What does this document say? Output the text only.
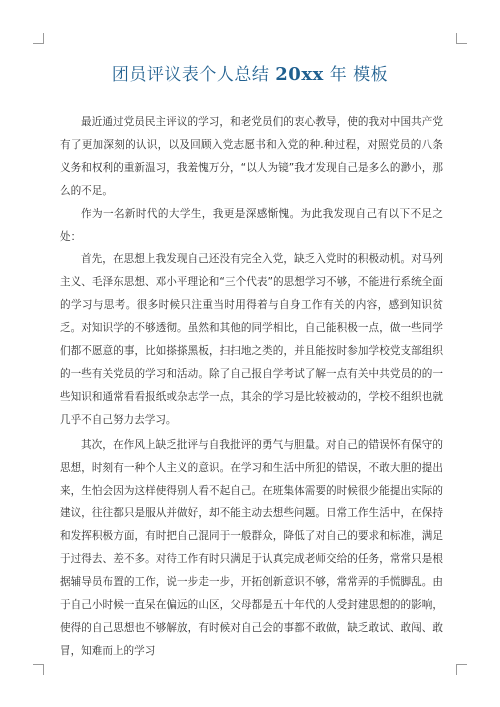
团员评议表个人总结 20xx 年 模板

最近通过党员民主评议的学习，和老党员们的衷心教导，使的我对中国共产党有了更加深刻的认识，以及回顾入党志愿书和入党的种.种过程，对照党员的八条义务和权利的重新温习，我羞愧万分，“以人为镜”我才发现自己是多么的渺小，那么的不足。

作为一名新时代的大学生，我更是深感惭愧。为此我发现自己有以下不足之处：

首先，在思想上我发现自己还没有完全入党，缺乏入党时的积极动机。对马列主义、毛泽东思想、邓小平理论和“三个代表”的思想学习不够，不能进行系统全面的学习与思考。很多时候只注重当时用得着与自身工作有关的内容，感到知识贫乏。对知识学的不够透彻。虽然和其他的同学相比，自己能积极一点，做一些同学们都不愿意的事，比如搽搽黑板，扫扫地之类的，并且能按时参加学校党支部组织的一些有关党员的学习和活动。除了自己报自学考试了解一点有关中共党员的的一些知识和通常看看报纸或杂志学一点，其余的学习是比较被动的，学校不组织也就几乎不自己努力去学习。

其次，在作风上缺乏批评与自我批评的勇气与胆量。对自己的错误怀有保守的思想，时刻有一种个人主义的意识。在学习和生活中所犯的错误，不敢大胆的提出来，生怕会因为这样使得别人看不起自己。在班集体需要的时候很少能提出实际的建议，往往都只是服从并做好，却不能主动去想些问题。日常工作生活中，在保持和发挥积极方面，有时把自己混同于一般群众，降低了对自己的要求和标准，满足于过得去、差不多。对待工作有时只满足于认真完成老师交给的任务，常常只是根据辅导员布置的工作，说一步走一步，开拓创新意识不够，常常弄的手慌脚乱。由于自己小时候一直呆在偏远的山区，父母都是五十年代的人受封建思想的的影响，使得的自己思想也不够解放，有时候对自己会的事都不敢做，缺乏敢试、敢闯、敢冒，知难而上的学习
